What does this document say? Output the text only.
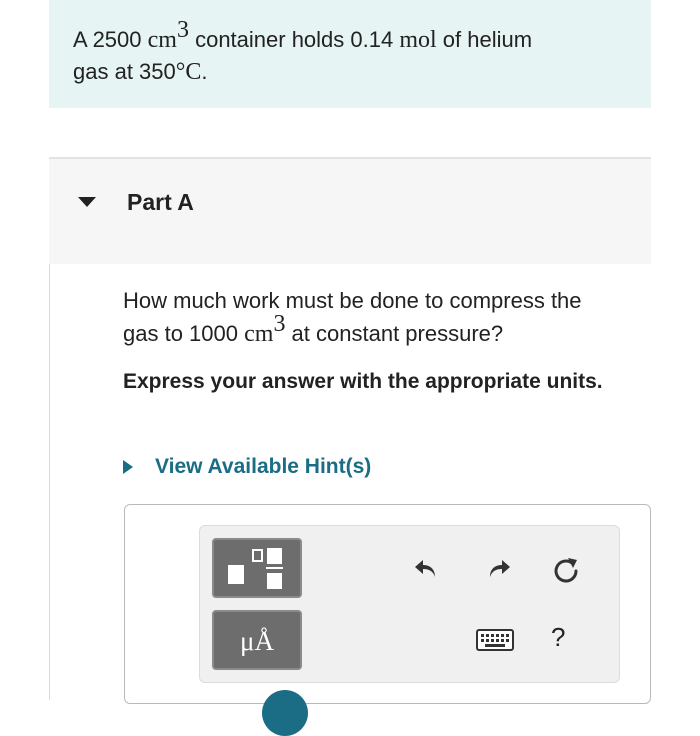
A 2500 $cm^3$ container holds 0.14 mol of helium
gas at 350°C.
Part A
How much work must be done to compress the
gas to 1000 $cm^3$ at constant pressure?
Express your answer with the appropriate units.
View Available Hint(s)
μÅ	?
